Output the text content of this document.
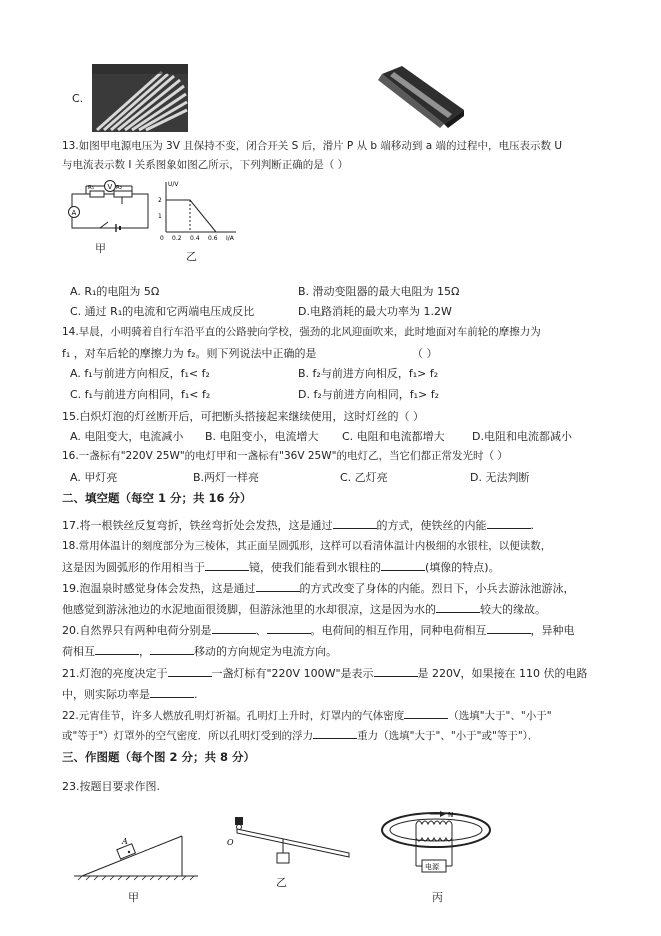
C.
13.如图甲电源电压为 3V 且保持不变，闭合开关 S 后，滑片 P 从 b 端移动到 a 端的过程中，电压表示数 U
与电流表示数 I 关系图象如图乙所示，下列判断正确的是（ ）
V
A
R₁	R₂
甲
U/V
2
1
0 0.2 0.4 0.6 I/A
乙
A. R₁的电阻为 5Ω	B. 滑动变阻器的最大电阻为 15Ω
C. 通过 R₁的电流和它两端电压成反比	D.电路消耗的最大功率为 1.2W
14.早晨，小明骑着自行车沿平直的公路驶向学校，强劲的北风迎面吹来，此时地面对车前轮的摩擦力为
f₁ ，对车后轮的摩擦力为 f₂。则下列说法中正确的是	（ ）
A. f₁与前进方向相反，f₁< f₂	B. f₂与前进方向相反，f₁> f₂
C. f₁与前进方向相同，f₁< f₂	D. f₂与前进方向相同，f₁> f₂
15.白炽灯泡的灯丝断开后，可把断头搭接起来继续使用，这时灯丝的（ ）
A. 电阻变大，电流减小 B. 电阻变小，电流增大 C. 电阻和电流都增大 D.电阻和电流都减小
16.一盏标有"220V 25W"的电灯甲和一盏标有"36V 25W"的电灯乙，当它们都正常发光时（ ）
A. 甲灯亮	B.两灯一样亮	C. 乙灯亮	D. 无法判断
二、填空题（每空 1 分；共 16 分）
17.将一根铁丝反复弯折，铁丝弯折处会发热，这是通过	的方式，使铁丝的内能	.
18.常用体温计的刻度部分为三棱体，其正面呈圆弧形，这样可以看清体温计内极细的水银柱，以便读数，
这是因为圆弧形的作用相当于	镜，使我们能看到水银柱的	(填像的特点)。
19.泡温泉时感觉身体会发热，这是通过	的方式改变了身体的内能。烈日下，小兵去游泳池游泳，
他感觉到游泳池边的水泥地面很烫脚，但游泳池里的水却很凉，这是因为水的	较大的缘故。
20.自然界只有两种电荷分别是	、	。电荷间的相互作用，同种电荷相互	，异种电
荷相互	，	移动的方向规定为电流方向。
21.灯泡的亮度决定于	一盏灯标有"220V 100W"是表示	是 220V，如果接在 110 伏的电路
中，则实际功率是	.
22.元宵佳节，许多人燃放孔明灯祈福。孔明灯上升时，灯罩内的气体密度	（选填"大于"、"小于"
或"等于"）灯罩外的空气密度．所以孔明灯受到的浮力	重力（选填"大于"、"小于"或"等于"）．
三、作图题（每个图 2 分；共 8 分）
23.按题目要求作图.
A
甲
O
乙
N
电源
丙
